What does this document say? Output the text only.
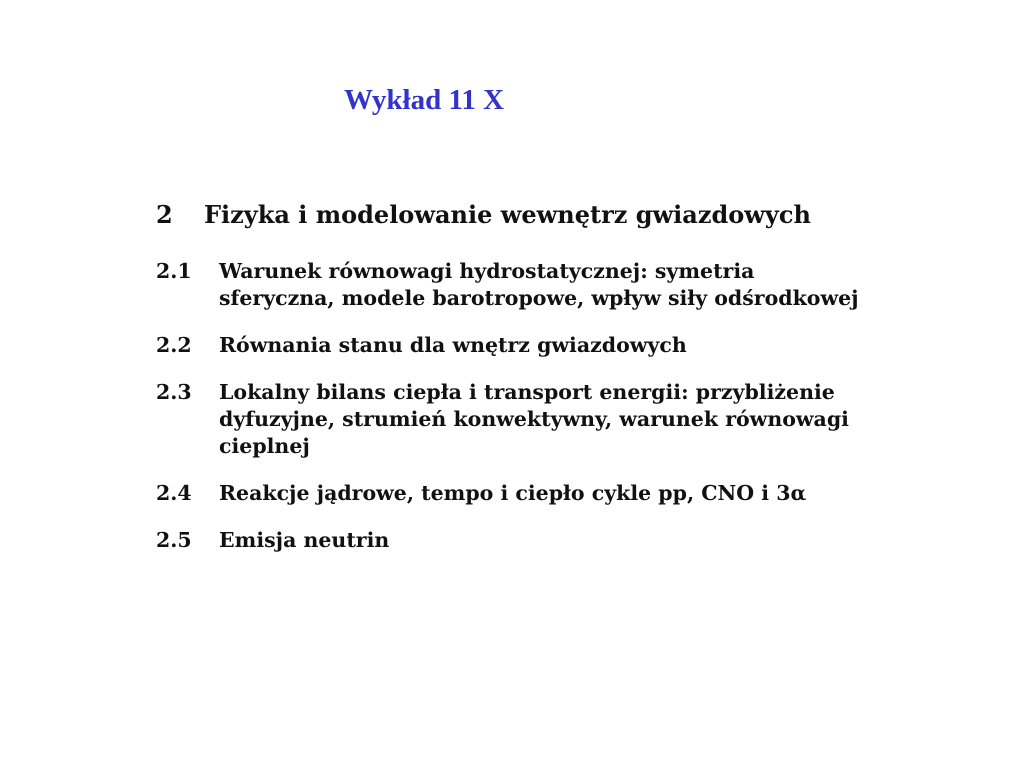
Wykład 11 X
2 Fizyka i modelowanie wewnętrz gwiazdowych
2.1 Warunek równowagi hydrostatycznej: symetria sferyczna, modele barotropowe, wpływ siły odśrodkowej
2.2 Równania stanu dla wnętrz gwiazdowych
2.3 Lokalny bilans ciepła i transport energii: przybliżenie dyfuzyjne, strumień konwektywny, warunek równowagi cieplnej
2.4 Reakcje jądrowe, tempo i ciepło cykle pp, CNO i 3α
2.5 Emisja neutrin
